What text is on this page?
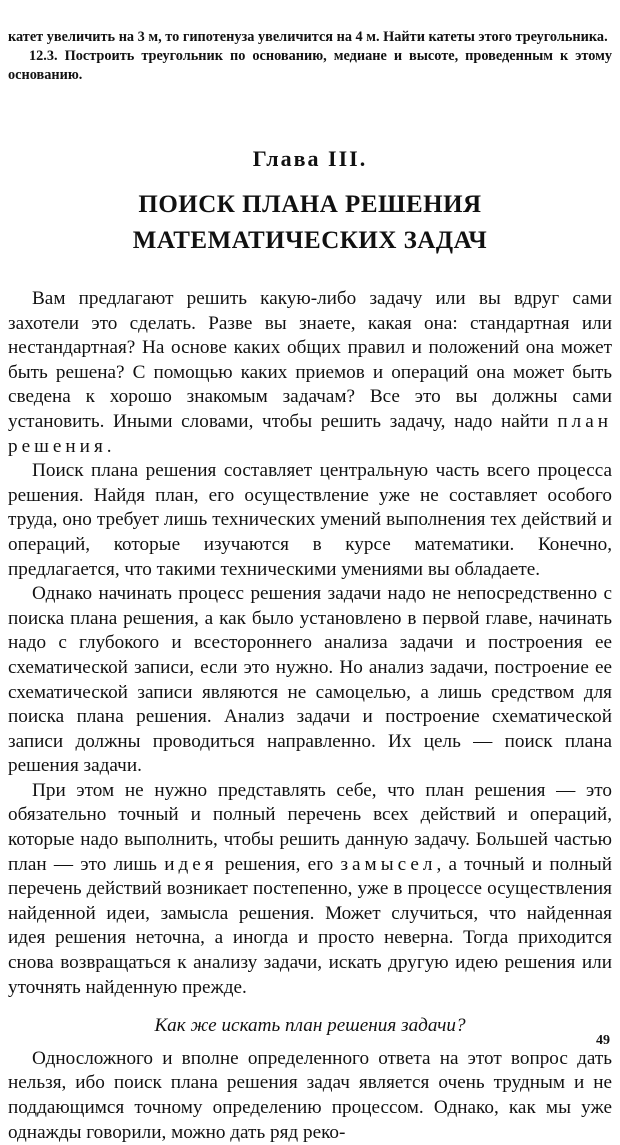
катет увеличить на 3 м, то гипотенуза увеличится на 4 м. Найти катеты этого треугольника.

12.3. Построить треугольник по основанию, медиане и высоте, проведенным к этому основанию.

Глава III.
ПОИСК ПЛАНА РЕШЕНИЯ
МАТЕМАТИЧЕСКИХ ЗАДАЧ

Вам предлагают решить какую-либо задачу или вы вдруг сами захотели это сделать. Разве вы знаете, какая она: стандартная или нестандартная? На основе каких общих правил и положений она может быть решена? С помощью каких приемов и операций она может быть сведена к хорошо знакомым задачам? Все это вы должны сами установить. Иными словами, чтобы решить задачу, надо найти план решения.

Поиск плана решения составляет центральную часть всего процесса решения. Найдя план, его осуществление уже не составляет особого труда, оно требует лишь технических умений выполнения тех действий и операций, которые изучаются в курсе математики. Конечно, предлагается, что такими техническими умениями вы обладаете.

Однако начинать процесс решения задачи надо не непосредственно с поиска плана решения, а как было установлено в первой главе, начинать надо с глубокого и всестороннего анализа задачи и построения ее схематической записи, если это нужно. Но анализ задачи, построение ее схематической записи являются не самоцелью, а лишь средством для поиска плана решения. Анализ задачи и построение схематической записи должны проводиться направленно. Их цель — поиск плана решения задачи.

При этом не нужно представлять себе, что план решения — это обязательно точный и полный перечень всех действий и операций, которые надо выполнить, чтобы решить данную задачу. Большей частью план — это лишь идея решения, его замысел, а точный и полный перечень действий возникает постепенно, уже в процессе осуществления найденной идеи, замысла решения. Может случиться, что найденная идея решения неточна, а иногда и просто неверна. Тогда приходится снова возвращаться к анализу задачи, искать другую идею решения или уточнять найденную прежде.

Как же искать план решения задачи?

Односложного и вполне определенного ответа на этот вопрос дать нельзя, ибо поиск плана решения задач является очень трудным и не поддающимся точному определению процессом. Однако, как мы уже однажды говорили, можно дать ряд реко-

49
